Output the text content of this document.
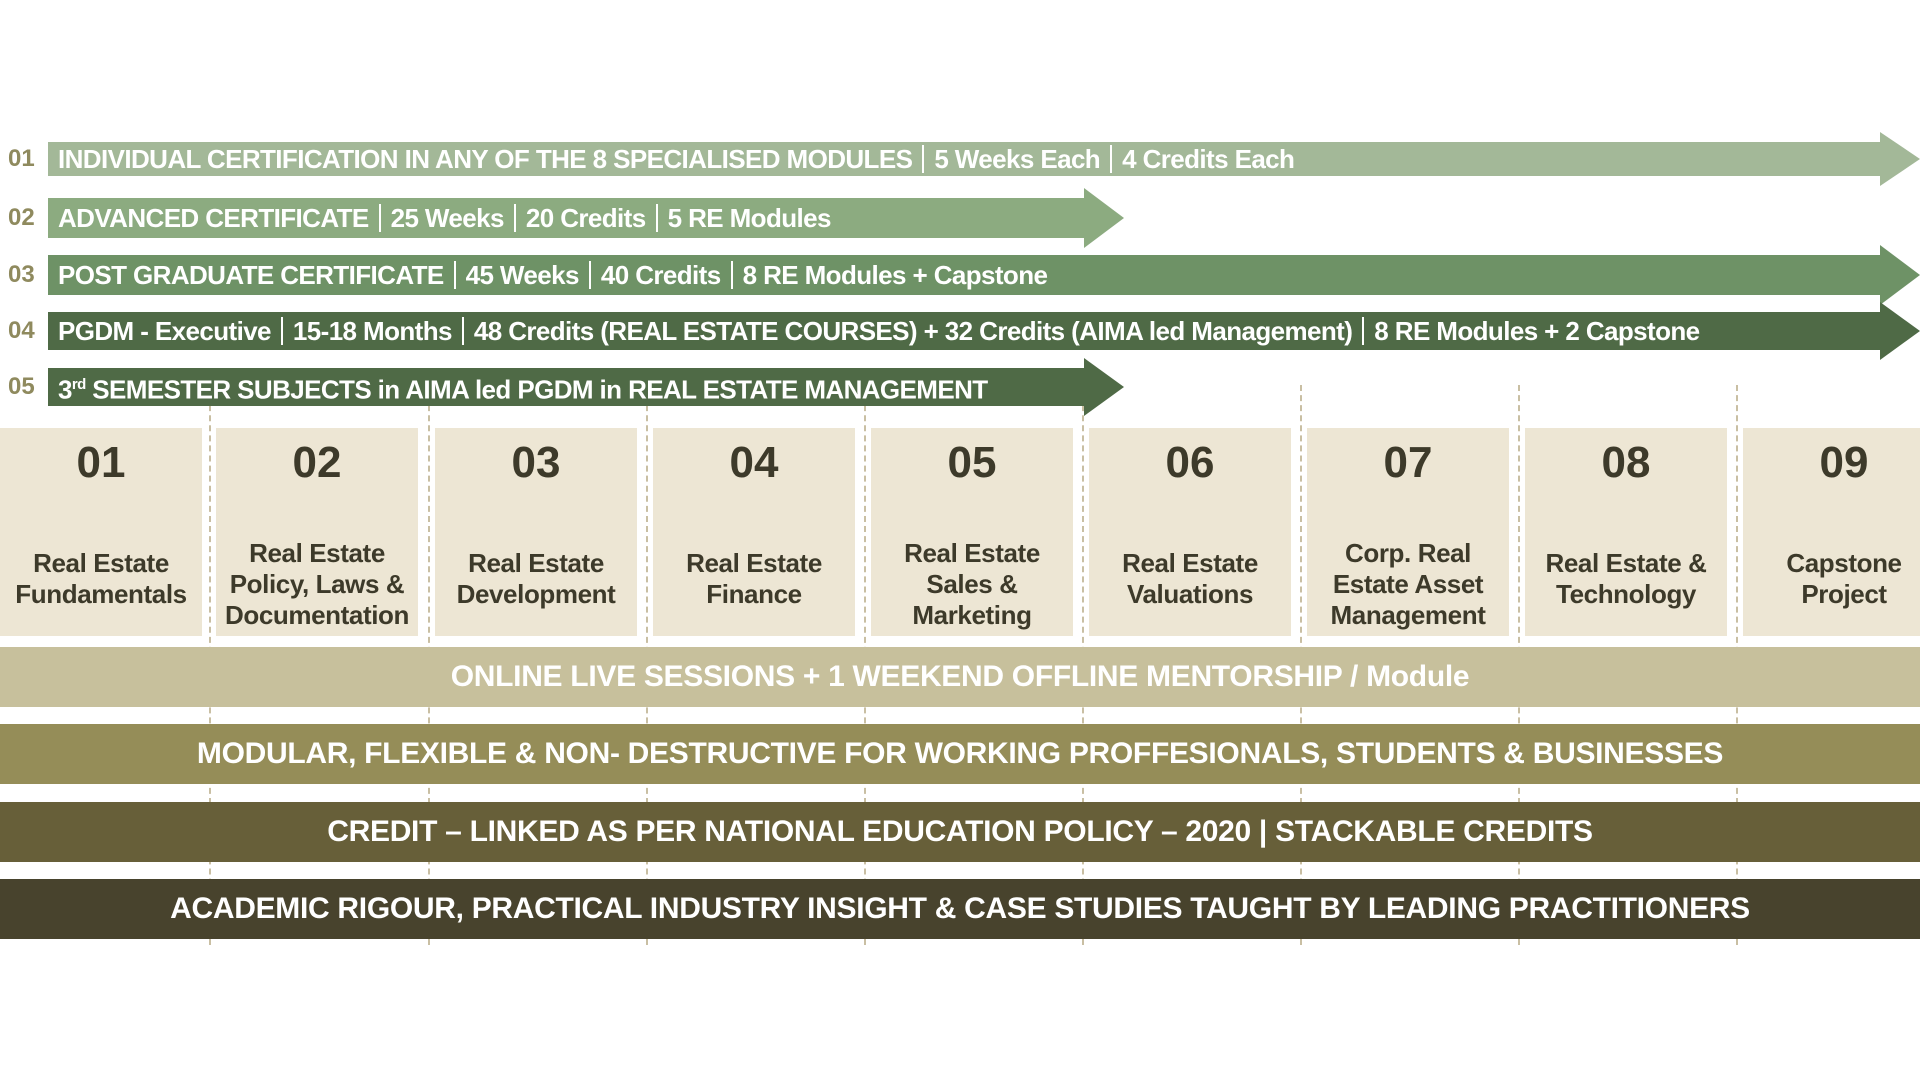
01 INDIVIDUAL CERTIFICATION IN ANY OF THE 8 SPECIALISED MODULES 5 Weeks Each 4 Credits Each
02 ADVANCED CERTIFICATE 25 Weeks 20 Credits 5 RE Modules
03 POST GRADUATE CERTIFICATE 45 Weeks 40 Credits 8 RE Modules + Capstone
04 PGDM - Executive 15-18 Months 48 Credits (REAL ESTATE COURSES) + 32 Credits (AIMA led Management) 8 RE Modules + 2 Capstone
05 3rd SEMESTER SUBJECTS in AIMA led PGDM in REAL ESTATE MANAGEMENT
01
Real Estate
Fundamentals
02
Real Estate
Policy, Laws &
Documentation
03
Real Estate
Development
04
Real Estate
Finance
05
Real Estate
Sales &
Marketing
06
Real Estate
Valuations
07
Corp. Real
Estate Asset
Management
08
Real Estate &
Technology
09
Capstone
Project
ONLINE LIVE SESSIONS + 1 WEEKEND OFFLINE MENTORSHIP / Module
MODULAR, FLEXIBLE & NON- DESTRUCTIVE FOR WORKING PROFFESIONALS, STUDENTS & BUSINESSES
CREDIT – LINKED AS PER NATIONAL EDUCATION POLICY – 2020 | STACKABLE CREDITS
ACADEMIC RIGOUR, PRACTICAL INDUSTRY INSIGHT & CASE STUDIES TAUGHT BY LEADING PRACTITIONERS
